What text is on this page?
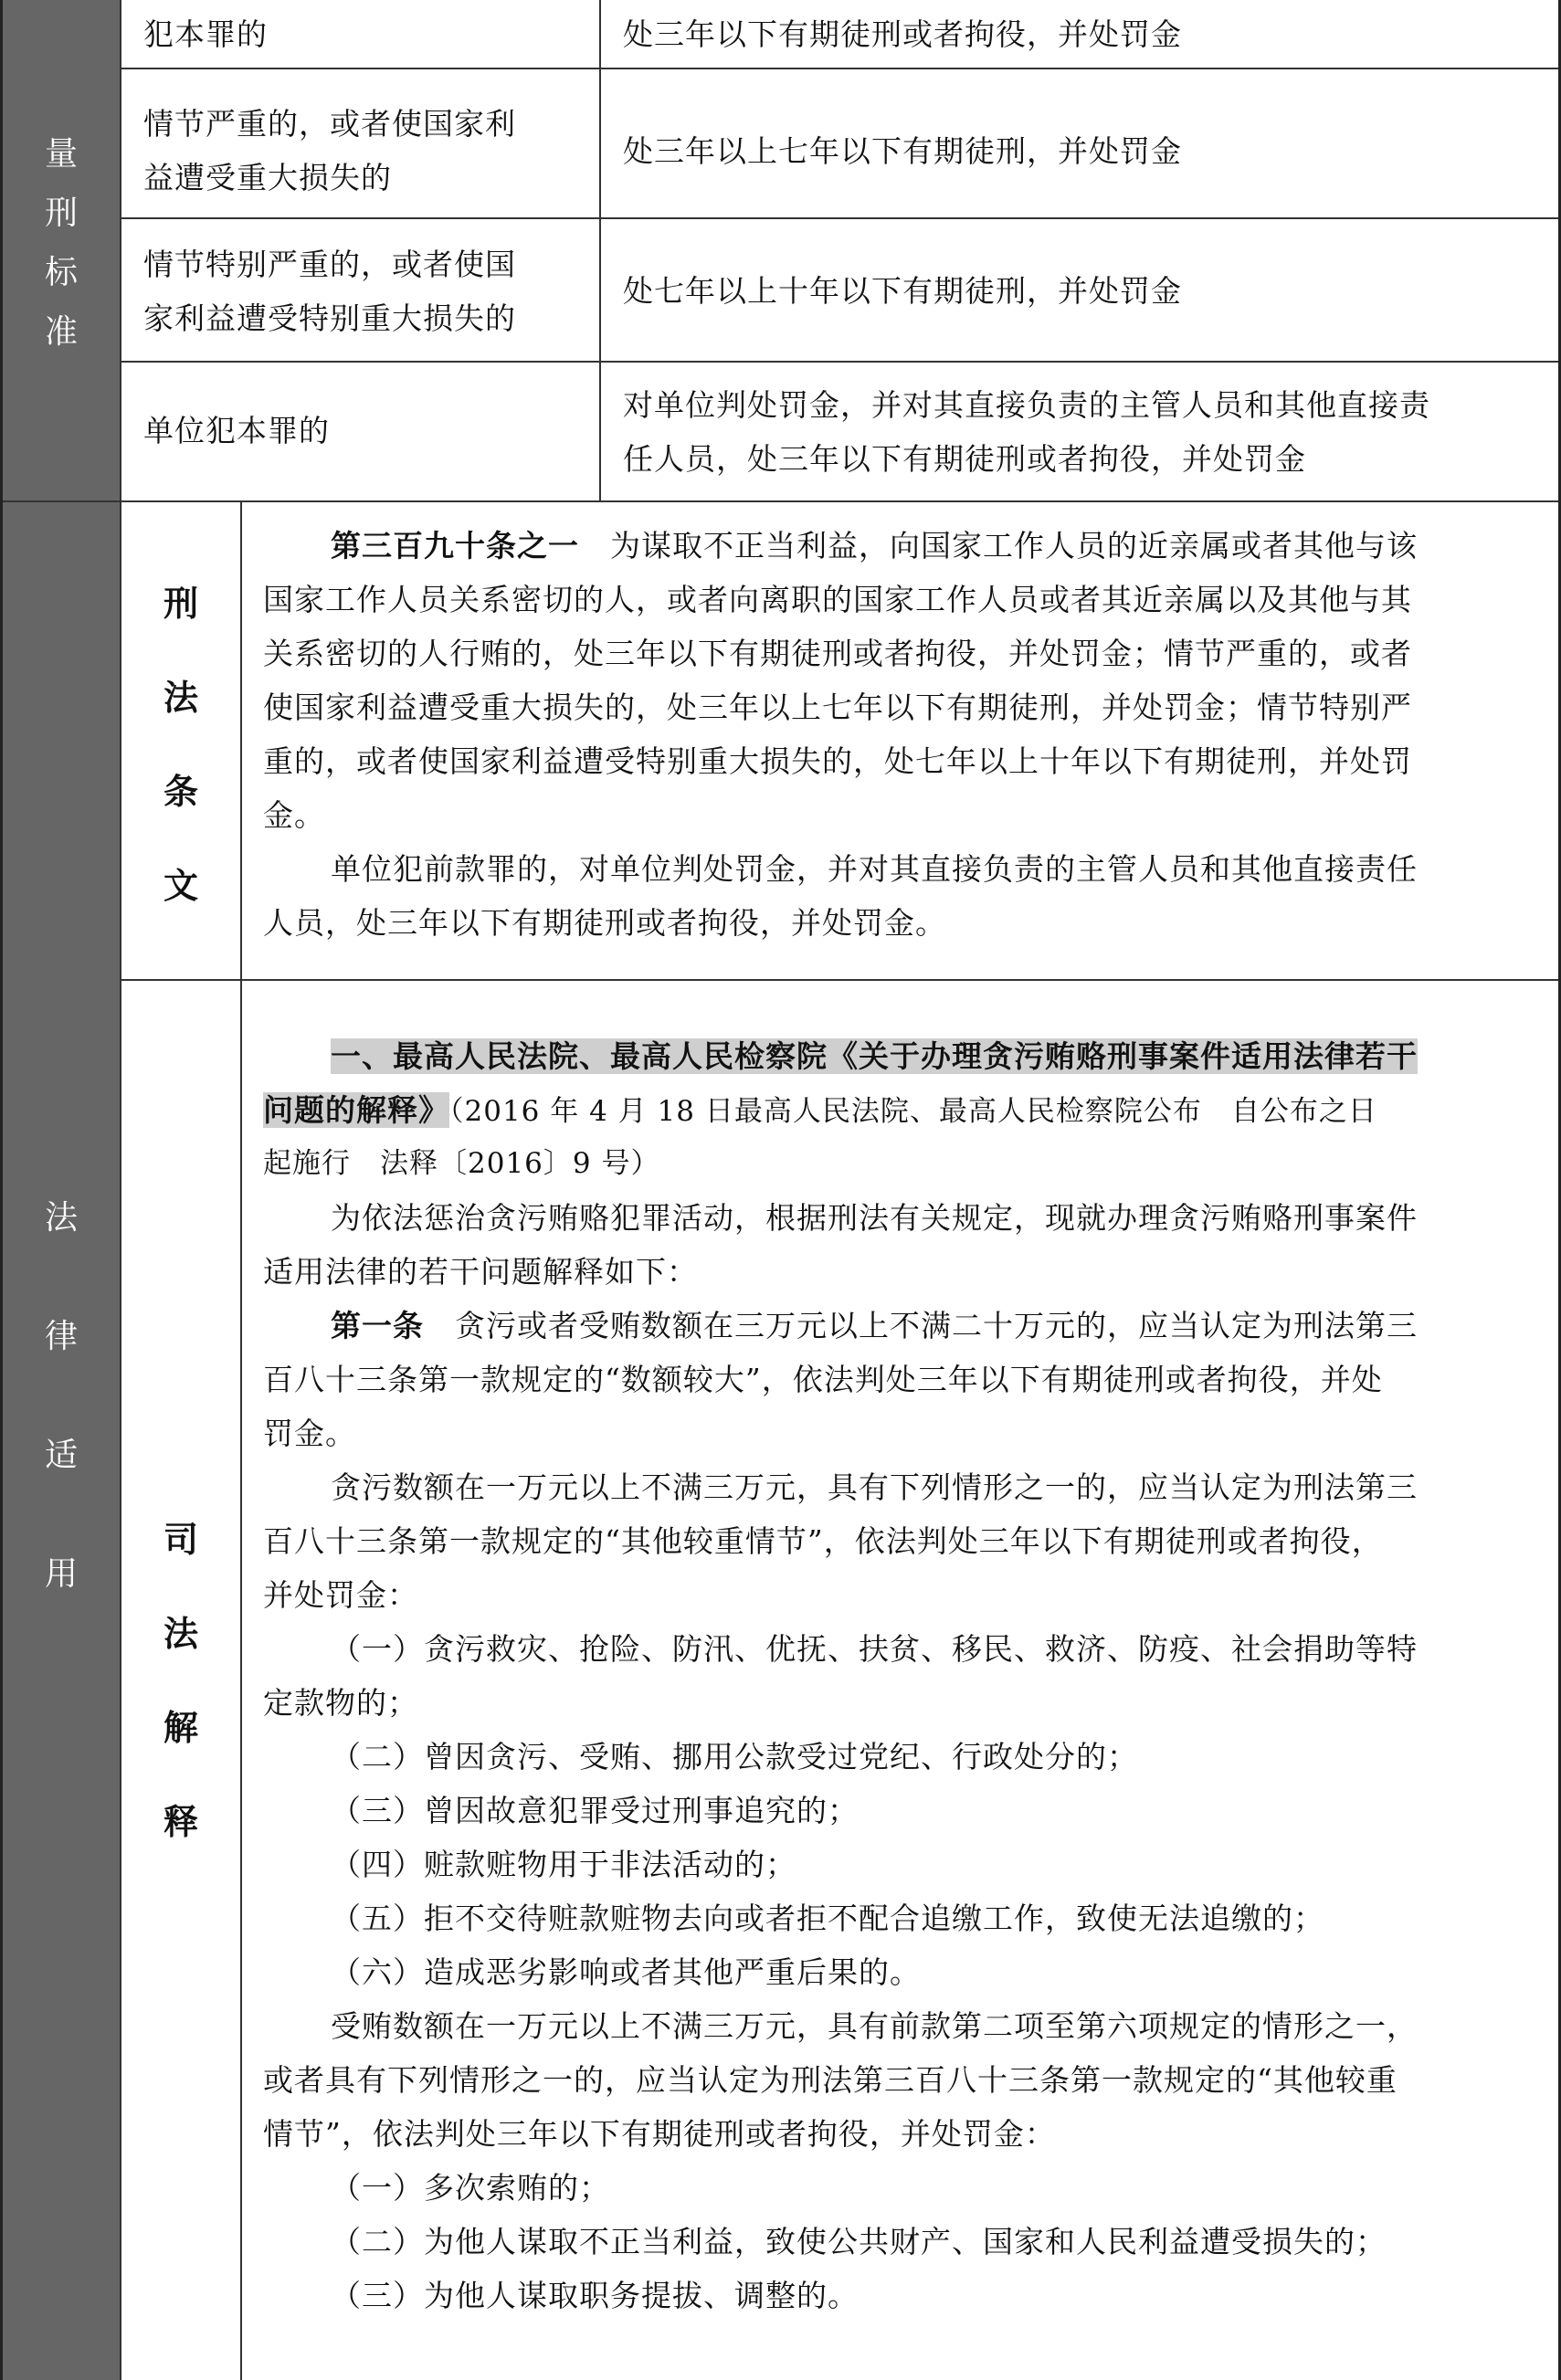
量
刑
标
准
法
律
适
用
犯本罪的	处三年以下有期徒刑或者拘役，并处罚金
情节严重的，或者使国家利
益遭受重大损失的
处三年以上七年以下有期徒刑，并处罚金
情节特别严重的，或者使国
家利益遭受特别重大损失的
处七年以上十年以下有期徒刑，并处罚金
单位犯本罪的
对单位判处罚金，并对其直接负责的主管人员和其他直接责
任人员，处三年以下有期徒刑或者拘役，并处罚金
刑
法
条
文
第三百九十条之一　 为谋取不正当利益，向国家工作人员的近亲属或者其他与该
国家工作人员关系密切的人，或者向离职的国家工作人员或者其近亲属以及其他与其
关系密切的人行贿的，处三年以下有期徒刑或者拘役，并处罚金；情节严重的，或者
使国家利益遭受重大损失的，处三年以上七年以下有期徒刑，并处罚金；情节特别严
重的，或者使国家利益遭受特别重大损失的，处七年以上十年以下有期徒刑，并处罚
金。
单位犯前款罪的，对单位判处罚金，并对其直接负责的主管人员和其他直接责任
人员，处三年以下有期徒刑或者拘役，并处罚金。
司
法
解
释
一、最高人民法院、最高人民检察院《关于办理贪污贿赂刑事案件适用法律若干
问题的解释》（2016 年 4 月 18 日最高人民法院、最高人民检察院公布　自公布之日
起施行　法释〔2016〕9 号）
为依法惩治贪污贿赂犯罪活动，根据刑法有关规定，现就办理贪污贿赂刑事案件
适用法律的若干问题解释如下：
第一条　 贪污或者受贿数额在三万元以上不满二十万元的，应当认定为刑法第三
百八十三条第一款规定的“数额较大”，依法判处三年以下有期徒刑或者拘役，并处
罚金。
贪污数额在一万元以上不满三万元，具有下列情形之一的，应当认定为刑法第三
百八十三条第一款规定的“其他较重情节”，依法判处三年以下有期徒刑或者拘役，
并处罚金：
（一）贪污救灾、抢险、防汛、优抚、扶贫、移民、救济、防疫、社会捐助等特
定款物的；
（二）曾因贪污、受贿、挪用公款受过党纪、行政处分的；
（三）曾因故意犯罪受过刑事追究的；
（四）赃款赃物用于非法活动的；
（五）拒不交待赃款赃物去向或者拒不配合追缴工作，致使无法追缴的；
（六）造成恶劣影响或者其他严重后果的。
受贿数额在一万元以上不满三万元，具有前款第二项至第六项规定的情形之一，
或者具有下列情形之一的，应当认定为刑法第三百八十三条第一款规定的“其他较重
情节”，依法判处三年以下有期徒刑或者拘役，并处罚金：
（一）多次索贿的；
（二）为他人谋取不正当利益，致使公共财产、国家和人民利益遭受损失的；
（三）为他人谋取职务提拔、调整的。
